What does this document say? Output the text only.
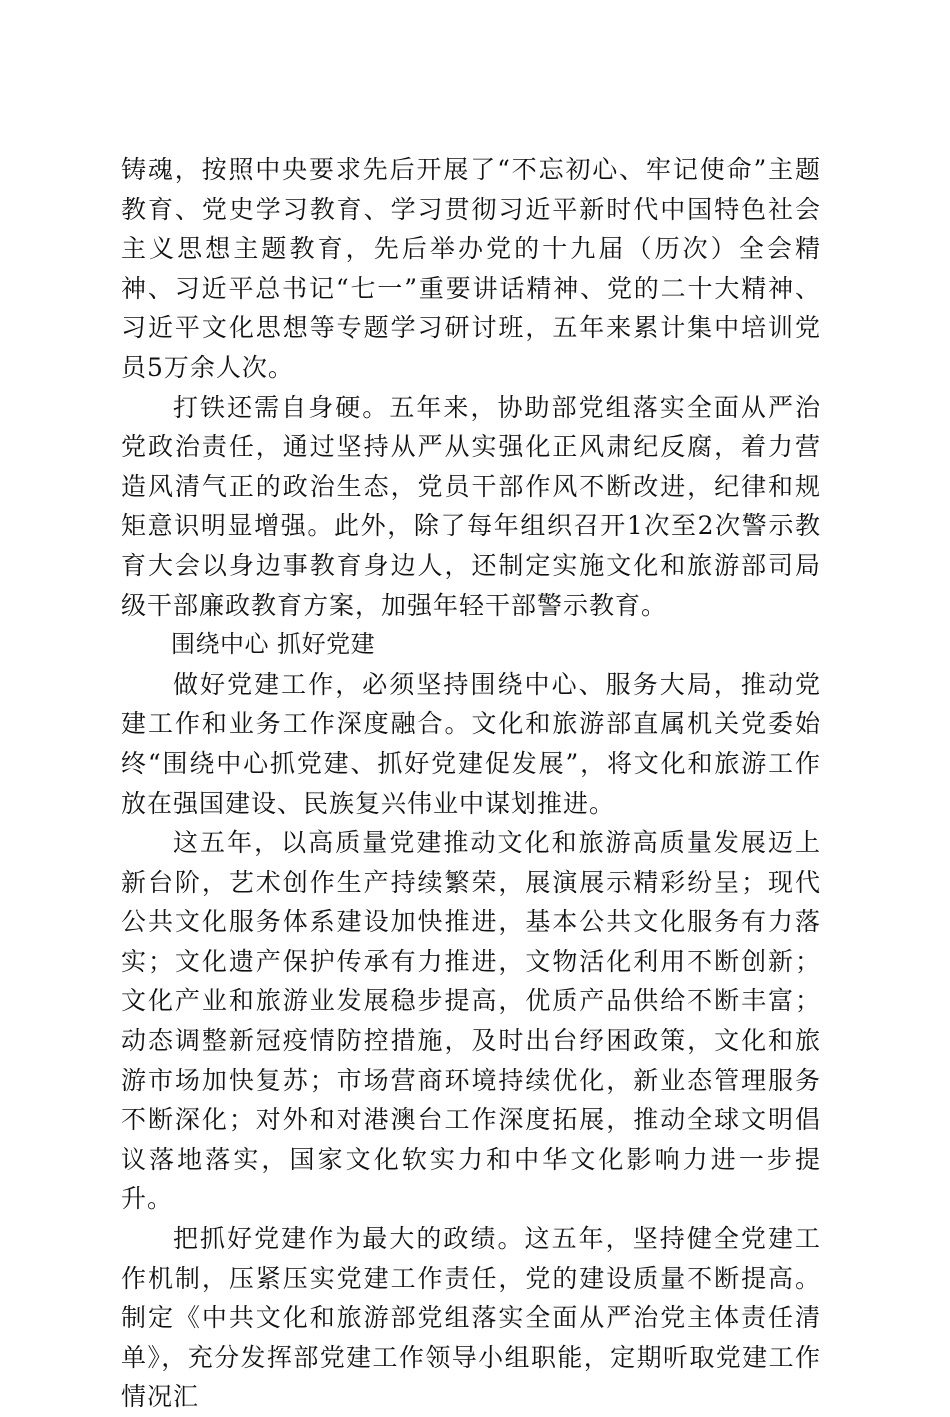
铸魂，按照中央要求先后开展了“不忘初心、牢记使命”主题教育、党史学习教育、学习贯彻习近平新时代中国特色社会主义思想主题教育，先后举办党的十九届（历次）全会精神、习近平总书记“七一”重要讲话精神、党的二十大精神、习近平文化思想等专题学习研讨班，五年来累计集中培训党员5万余人次。

打铁还需自身硬。五年来，协助部党组落实全面从严治党政治责任，通过坚持从严从实强化正风肃纪反腐，着力营造风清气正的政治生态，党员干部作风不断改进，纪律和规矩意识明显增强。此外，除了每年组织召开1次至2次警示教育大会以身边事教育身边人，还制定实施文化和旅游部司局级干部廉政教育方案，加强年轻干部警示教育。

围绕中心 抓好党建

做好党建工作，必须坚持围绕中心、服务大局，推动党建工作和业务工作深度融合。文化和旅游部直属机关党委始终“围绕中心抓党建、抓好党建促发展”，将文化和旅游工作放在强国建设、民族复兴伟业中谋划推进。

这五年，以高质量党建推动文化和旅游高质量发展迈上新台阶，艺术创作生产持续繁荣，展演展示精彩纷呈；现代公共文化服务体系建设加快推进，基本公共文化服务有力落实；文化遗产保护传承有力推进，文物活化利用不断创新；文化产业和旅游业发展稳步提高，优质产品供给不断丰富；动态调整新冠疫情防控措施，及时出台纾困政策，文化和旅游市场加快复苏；市场营商环境持续优化，新业态管理服务不断深化；对外和对港澳台工作深度拓展，推动全球文明倡议落地落实，国家文化软实力和中华文化影响力进一步提升。

把抓好党建作为最大的政绩。这五年，坚持健全党建工作机制，压紧压实党建工作责任，党的建设质量不断提高。制定《中共文化和旅游部党组落实全面从严治党主体责任清单》，充分发挥部党建工作领导小组职能，定期听取党建工作情况汇
